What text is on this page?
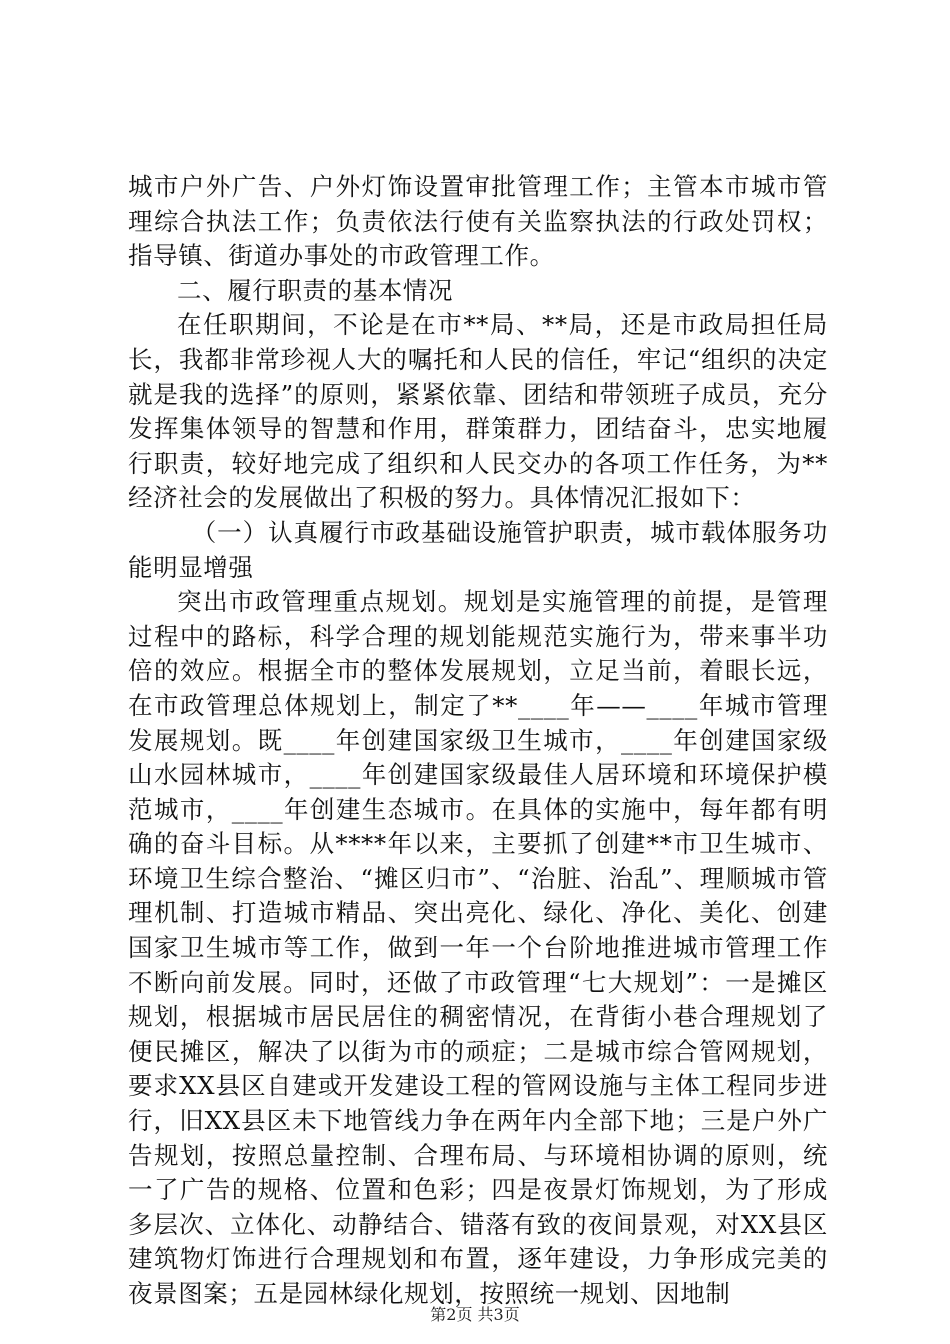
城市户外广告、户外灯饰设置审批管理工作；主管本市城市管理综合执法工作；负责依法行使有关监察执法的行政处罚权；指导镇、街道办事处的市政管理工作。

二、履行职责的基本情况

在任职期间，不论是在市**局、**局，还是市政局担任局长，我都非常珍视人大的嘱托和人民的信任，牢记“组织的决定就是我的选择”的原则，紧紧依靠、团结和带领班子成员，充分发挥集体领导的智慧和作用，群策群力，团结奋斗，忠实地履行职责，较好地完成了组织和人民交办的各项工作任务，为**经济社会的发展做出了积极的努力。具体情况汇报如下：

（一）认真履行市政基础设施管护职责，城市载体服务功能明显增强

突出市政管理重点规划。规划是实施管理的前提，是管理过程中的路标，科学合理的规划能规范实施行为，带来事半功倍的效应。根据全市的整体发展规划，立足当前，着眼长远，在市政管理总体规划上，制定了**____年——____年城市管理发展规划。既____年创建国家级卫生城市，____年创建国家级山水园林城市，____年创建国家级最佳人居环境和环境保护模范城市，____年创建生态城市。在具体的实施中，每年都有明确的奋斗目标。从****年以来，主要抓了创建**市卫生城市、环境卫生综合整治、“摊区归市”、“治脏、治乱”、理顺城市管理机制、打造城市精品、突出亮化、绿化、净化、美化、创建国家卫生城市等工作，做到一年一个台阶地推进城市管理工作不断向前发展。同时，还做了市政管理“七大规划”：一是摊区规划，根据城市居民居住的稠密情况，在背街小巷合理规划了便民摊区，解决了以街为市的顽症；二是城市综合管网规划，要求XX县区自建或开发建设工程的管网设施与主体工程同步进行，旧XX县区未下地管线力争在两年内全部下地；三是户外广告规划，按照总量控制、合理布局、与环境相协调的原则，统一了广告的规格、位置和色彩；四是夜景灯饰规划，为了形成多层次、立体化、动静结合、错落有致的夜间景观，对XX县区建筑物灯饰进行合理规划和布置，逐年建设，力争形成完美的夜景图案；五是园林绿化规划，按照统一规划、因地制

第2页 共3页
